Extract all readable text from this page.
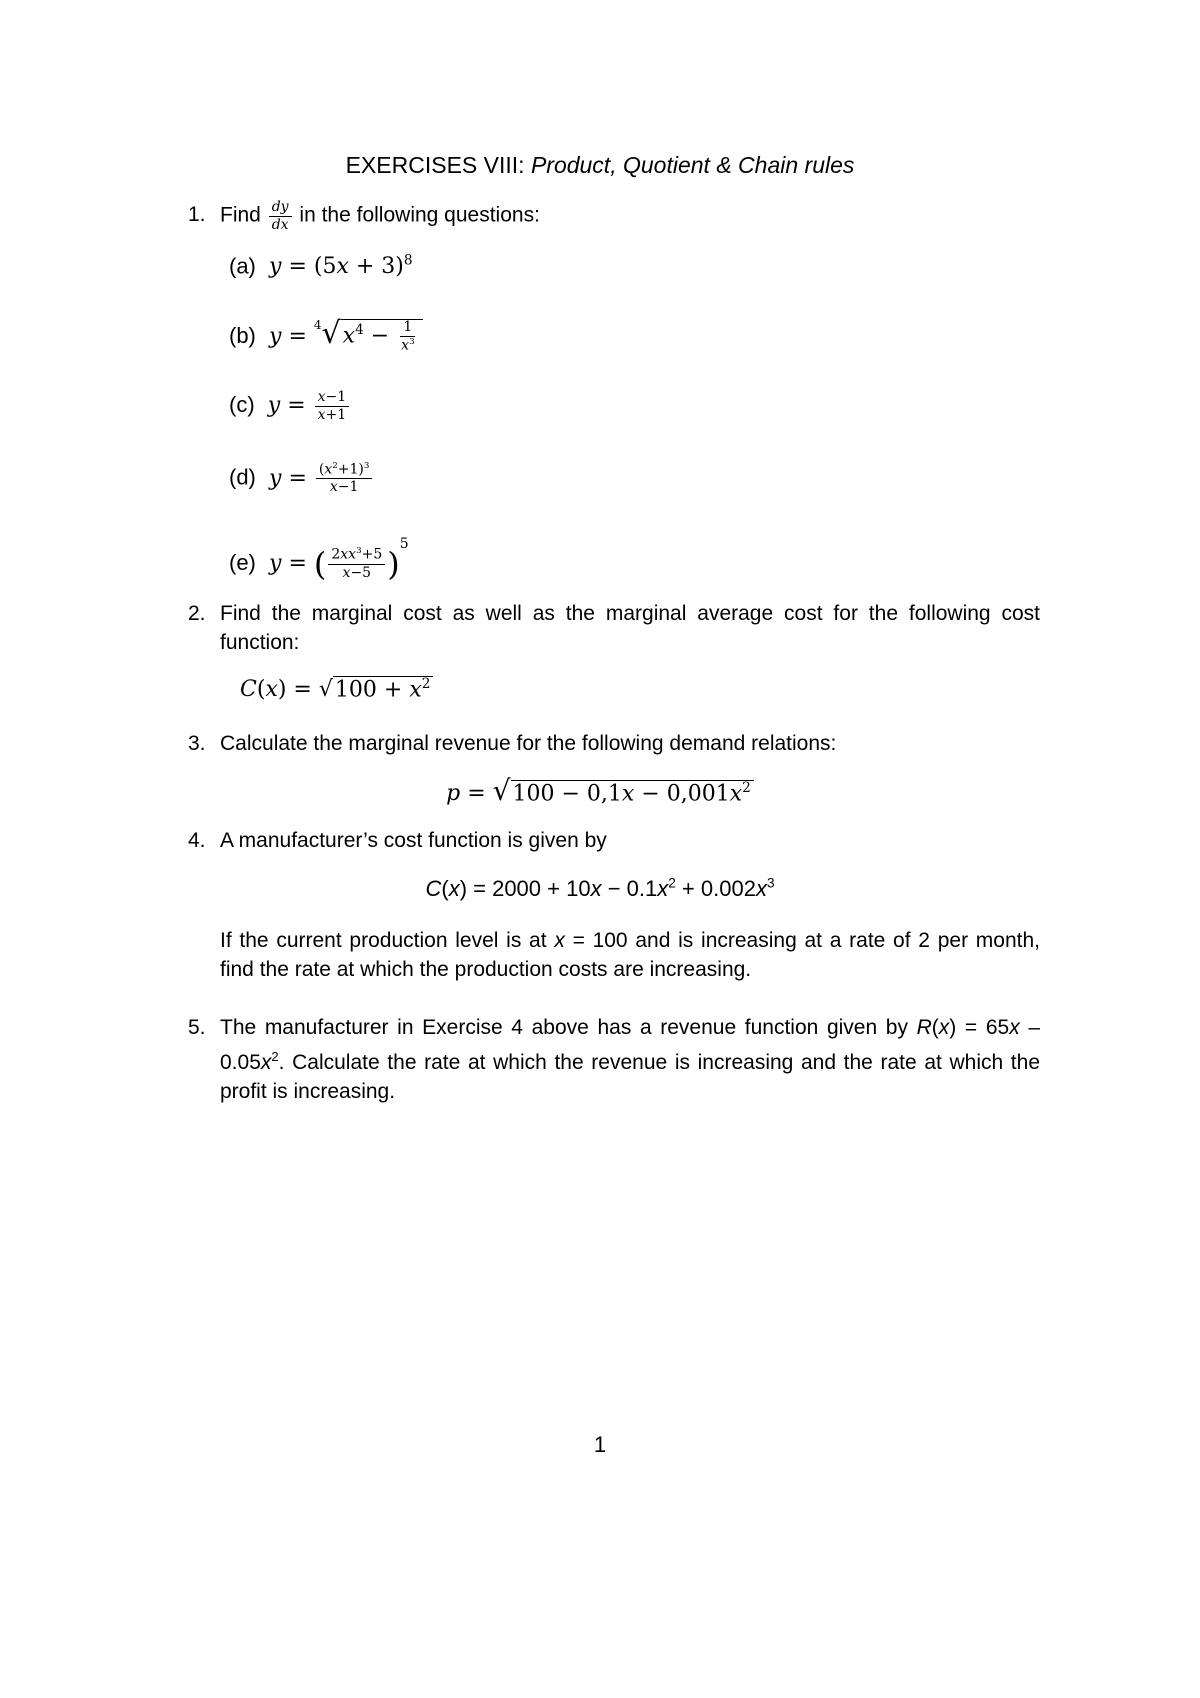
EXERCISES VIII: Product, Quotient & Chain rules
1. Find $\frac{dy}{dx}$ in the following questions:
(a)  $y = (5x + 3)^8$
(b)  $y = ^4√x^4 - \frac{1}{x^3}$
(c)  $y = \frac{x-1}{x+1}$
(d)  $y = \frac{(x^2+1)^3}{x-1}$
(e)  y = ( $\frac{2xx^3+5}{x-5} )^5$
2. Find the marginal cost as well as the marginal average cost for the following cost function:
$C(x) = √100 + x^2$
3. Calculate the marginal revenue for the following demand relations:
$p = √100 - 0,1x - 0,001x^2$
4. A manufacturer’s cost function is given by
$C(x) = 2000 + 10x - 0.1x^2 + 0.002x^3$
If the current production level is at x = 100 and is increasing at a rate of 2 per month, find the rate at which the production costs are increasing.
5. The manufacturer in Exercise 4 above has a revenue function given by R(x) = 65x $-0.05x^2$. Calculate the rate at which the revenue is increasing and the rate at which the profit is increasing.
1
